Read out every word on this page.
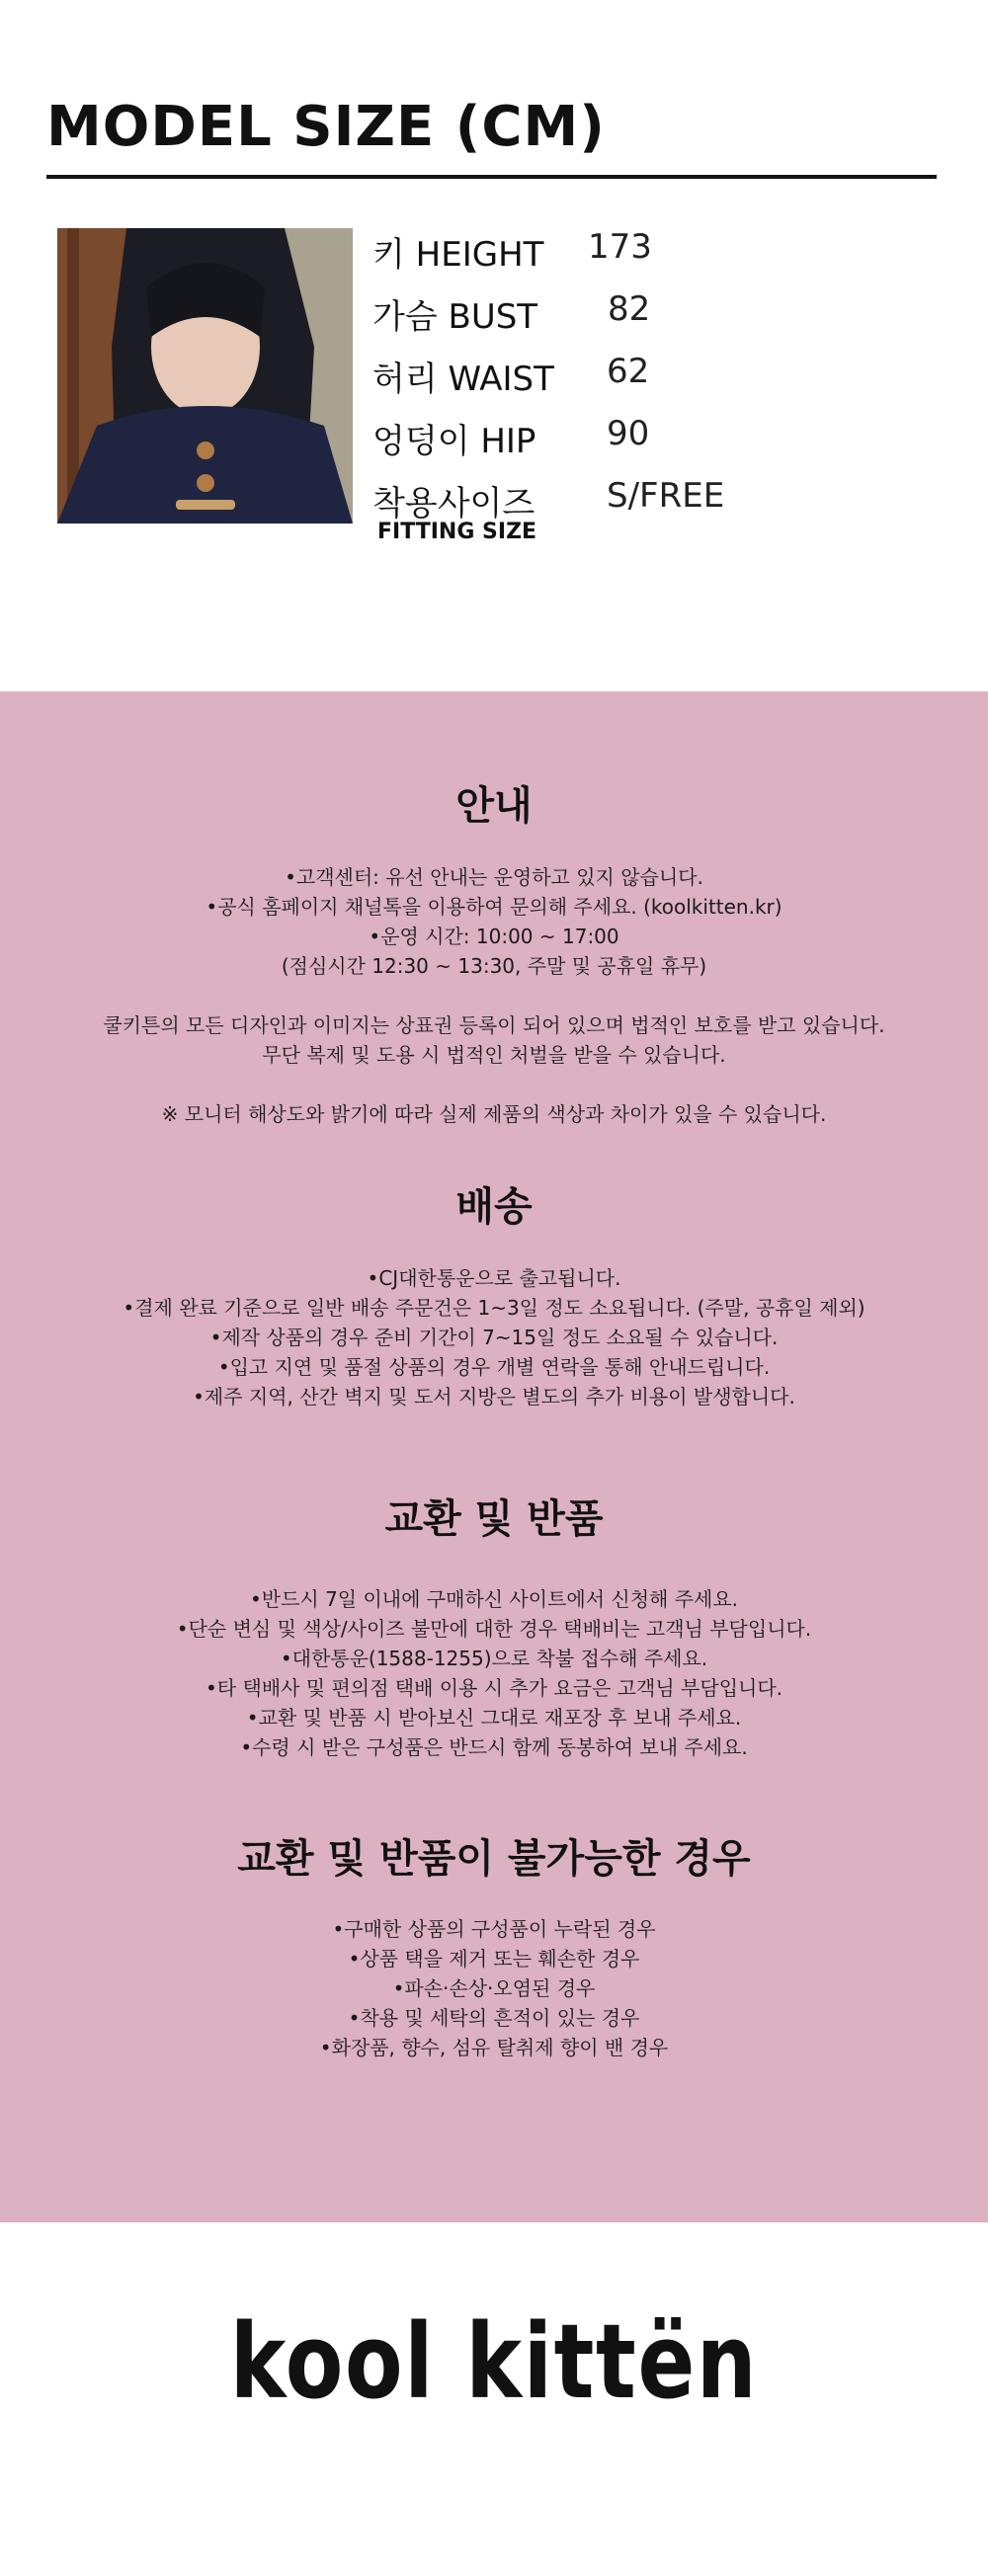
MODEL SIZE (CM)
키 HEIGHT 173
가슴 BUST 82
허리 WAIST 62
엉덩이 HIP 90
착용사이즈
FITTING SIZE
S/FREE
안내
•고객센터: 유선 안내는 운영하고 있지 않습니다.
•공식 홈페이지 채널톡을 이용하여 문의해 주세요. (koolkitten.kr)
•운영 시간: 10:00 ~ 17:00
(점심시간 12:30 ~ 13:30, 주말 및 공휴일 휴무)
쿨키튼의 모든 디자인과 이미지는 상표권 등록이 되어 있으며 법적인 보호를 받고 있습니다.
무단 복제 및 도용 시 법적인 처벌을 받을 수 있습니다.
※ 모니터 해상도와 밝기에 따라 실제 제품의 색상과 차이가 있을 수 있습니다.
배송
•CJ대한통운으로 출고됩니다.
•결제 완료 기준으로 일반 배송 주문건은 1~3일 정도 소요됩니다. (주말, 공휴일 제외)
•제작 상품의 경우 준비 기간이 7~15일 정도 소요될 수 있습니다.
•입고 지연 및 품절 상품의 경우 개별 연락을 통해 안내드립니다.
•제주 지역, 산간 벽지 및 도서 지방은 별도의 추가 비용이 발생합니다.
교환 및 반품
•반드시 7일 이내에 구매하신 사이트에서 신청해 주세요.
•단순 변심 및 색상/사이즈 불만에 대한 경우 택배비는 고객님 부담입니다.
•대한통운(1588-1255)으로 착불 접수해 주세요.
•타 택배사 및 편의점 택배 이용 시 추가 요금은 고객님 부담입니다.
•교환 및 반품 시 받아보신 그대로 재포장 후 보내 주세요.
•수령 시 받은 구성품은 반드시 함께 동봉하여 보내 주세요.
교환 및 반품이 불가능한 경우
•구매한 상품의 구성품이 누락된 경우
•상품 택을 제거 또는 훼손한 경우
•파손·손상·오염된 경우
•착용 및 세탁의 흔적이 있는 경우
•화장품, 향수, 섬유 탈취제 향이 밴 경우
kool kittën
